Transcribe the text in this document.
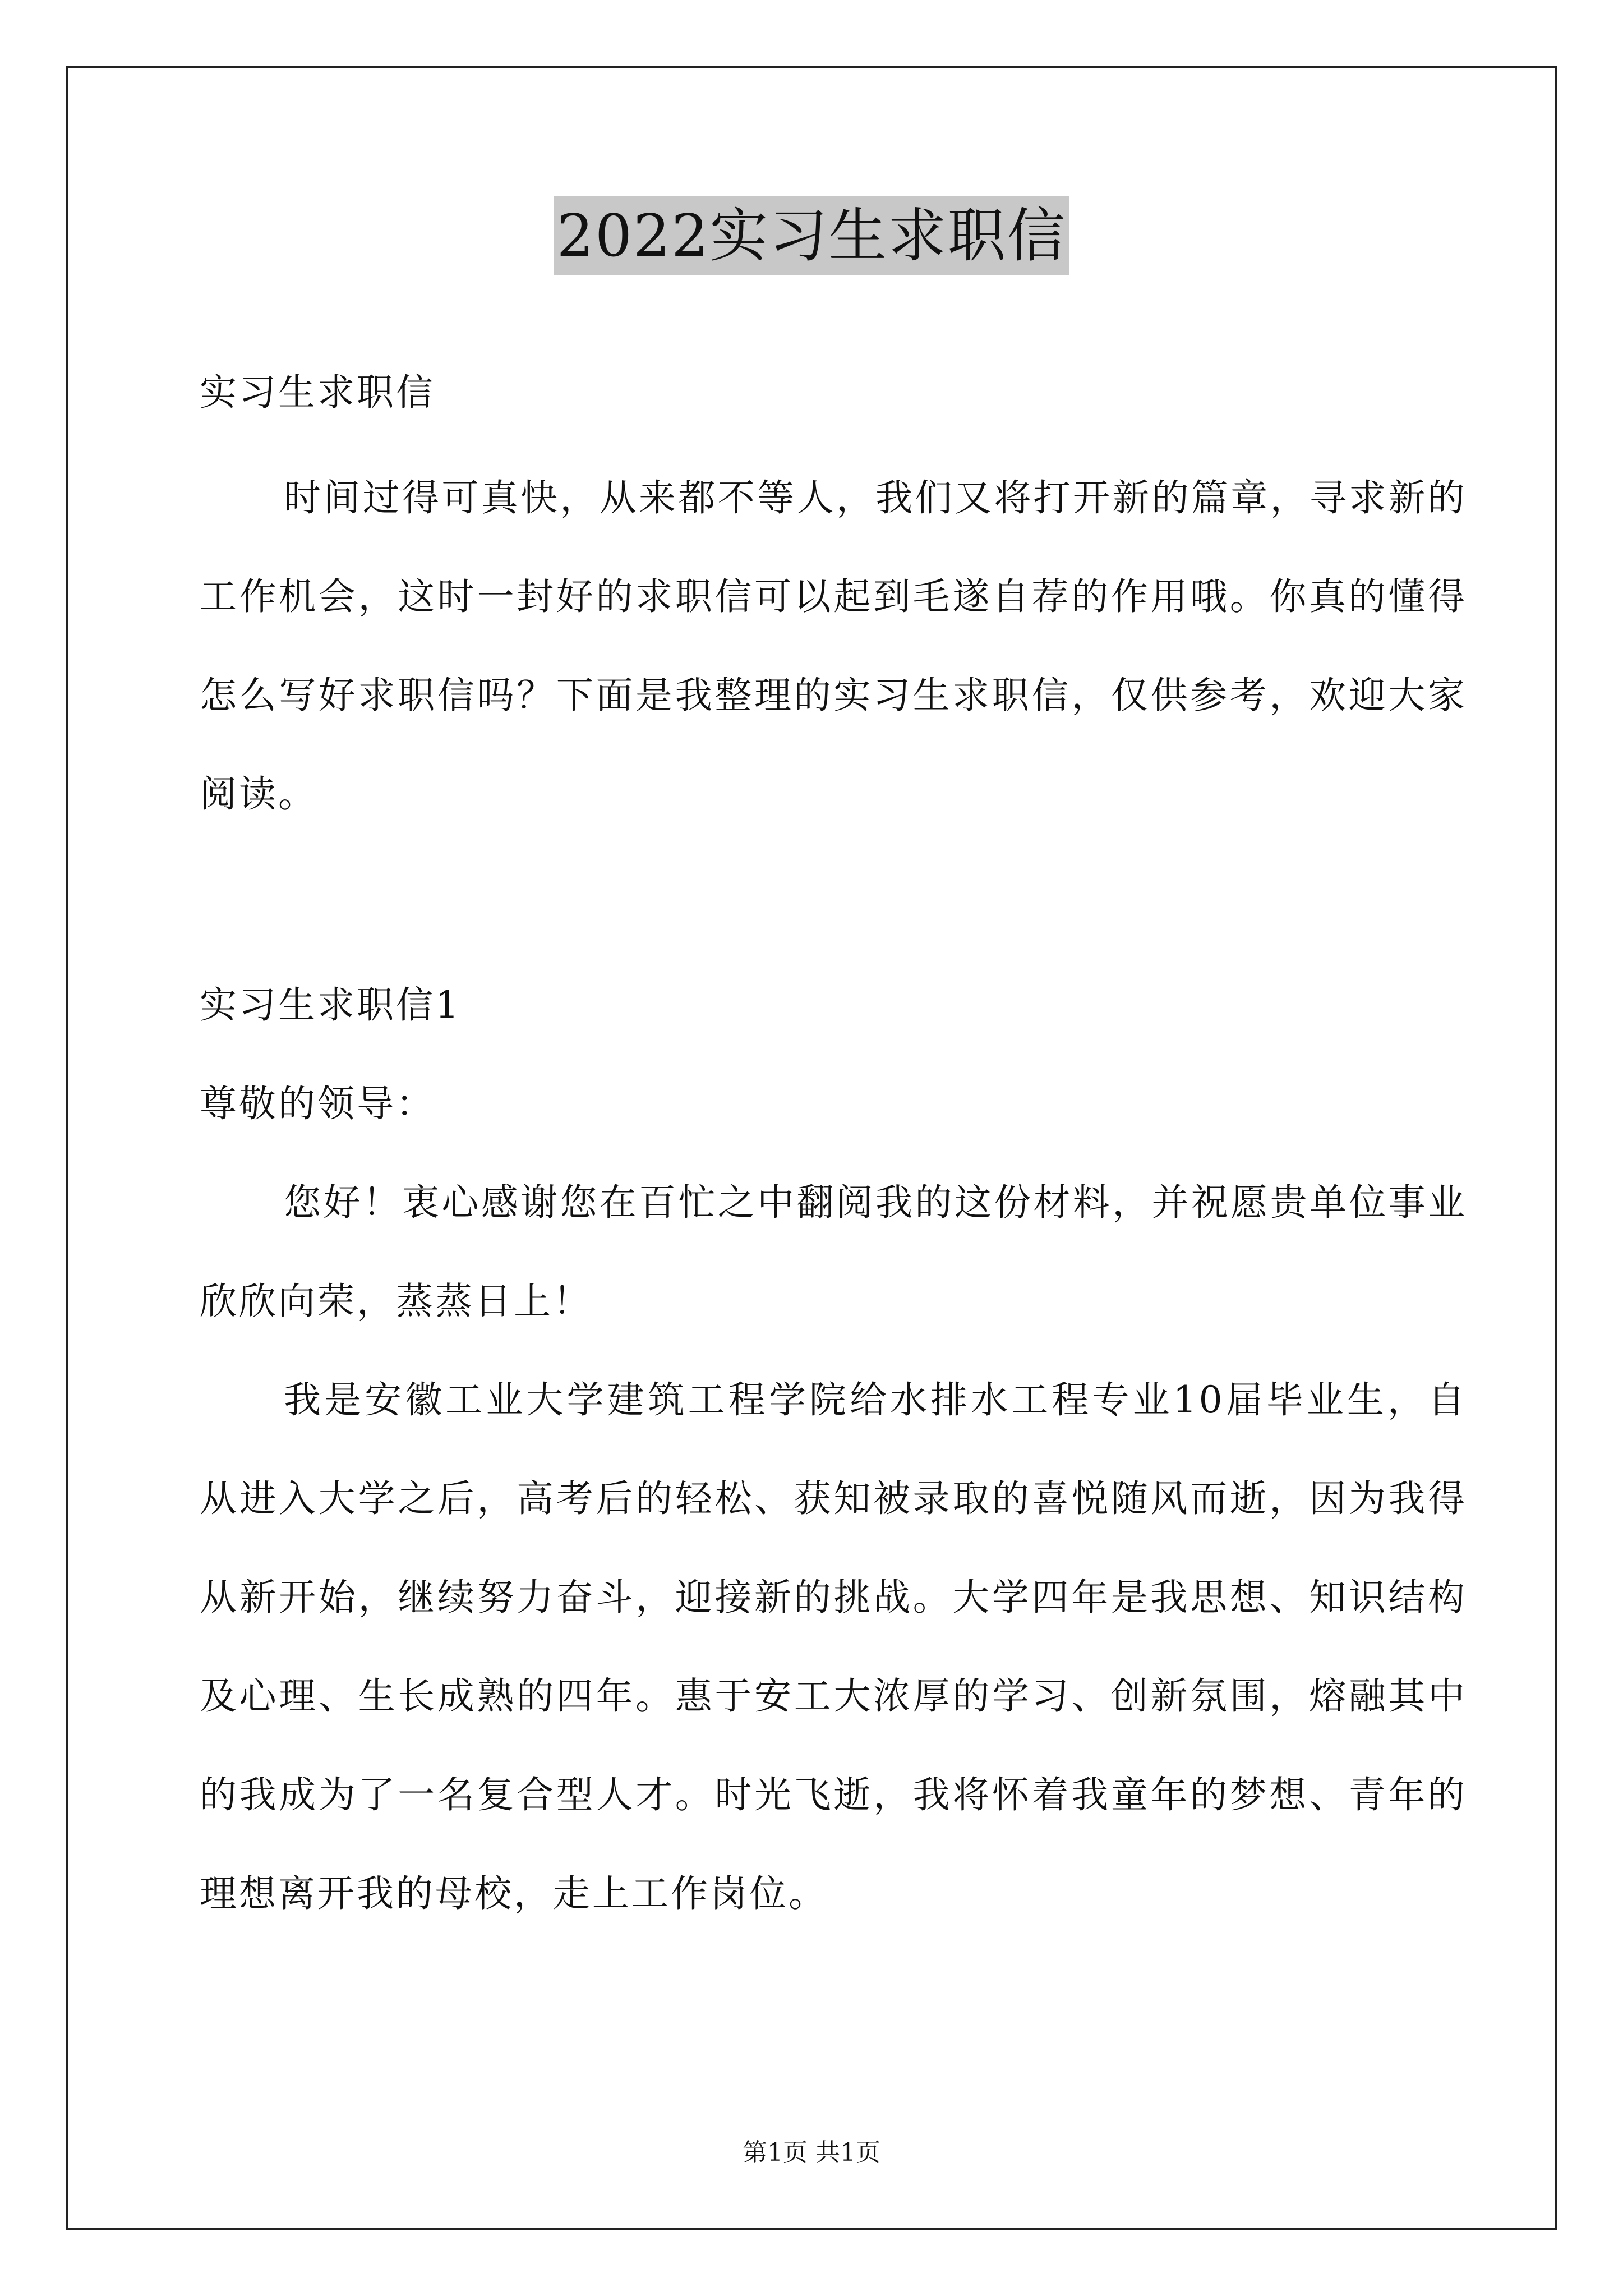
2022实习生求职信

实习生求职信

时间过得可真快，从来都不等人，我们又将打开新的篇章，寻求新的工作机会，这时一封好的求职信可以起到毛遂自荐的作用哦。你真的懂得怎么写好求职信吗？下面是我整理的实习生求职信，仅供参考，欢迎大家阅读。

实习生求职信1

尊敬的领导：

您好！衷心感谢您在百忙之中翻阅我的这份材料，并祝愿贵单位事业欣欣向荣，蒸蒸日上！

我是安徽工业大学建筑工程学院给水排水工程专业10届毕业生，自从进入大学之后，高考后的轻松、获知被录取的喜悦随风而逝，因为我得从新开始，继续努力奋斗，迎接新的挑战。大学四年是我思想、知识结构及心理、生长成熟的四年。惠于安工大浓厚的学习、创新氛围，熔融其中的我成为了一名复合型人才。时光飞逝，我将怀着我童年的梦想、青年的理想离开我的母校，走上工作岗位。

第1页 共1页
